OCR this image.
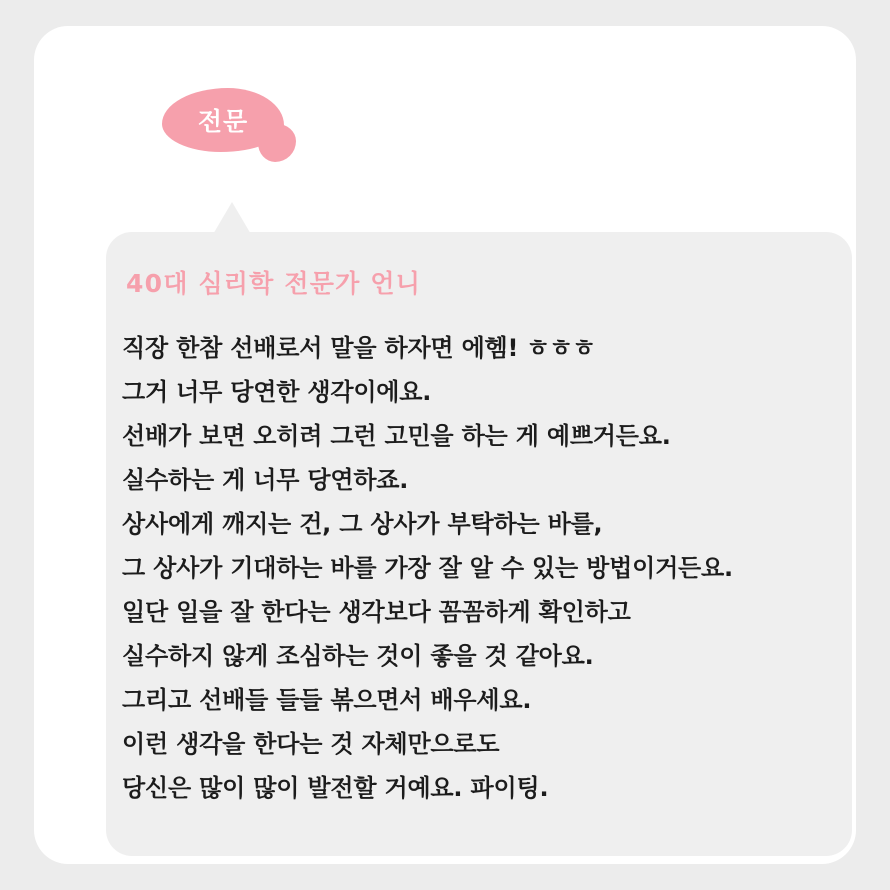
전문
40대 심리학 전문가 언니
직장 한참 선배로서 말을 하자면 에헴! ㅎㅎㅎ
그거 너무 당연한 생각이에요.
선배가 보면 오히려 그런 고민을 하는 게 예쁘거든요.
실수하는 게 너무 당연하죠.
상사에게 깨지는 건, 그 상사가 부탁하는 바를,
그 상사가 기대하는 바를 가장 잘 알 수 있는 방법이거든요.
일단 일을 잘 한다는 생각보다 꼼꼼하게 확인하고
실수하지 않게 조심하는 것이 좋을 것 같아요.
그리고 선배들 들들 볶으면서 배우세요.
이런 생각을 한다는 것 자체만으로도
당신은 많이 많이 발전할 거예요. 파이팅.
